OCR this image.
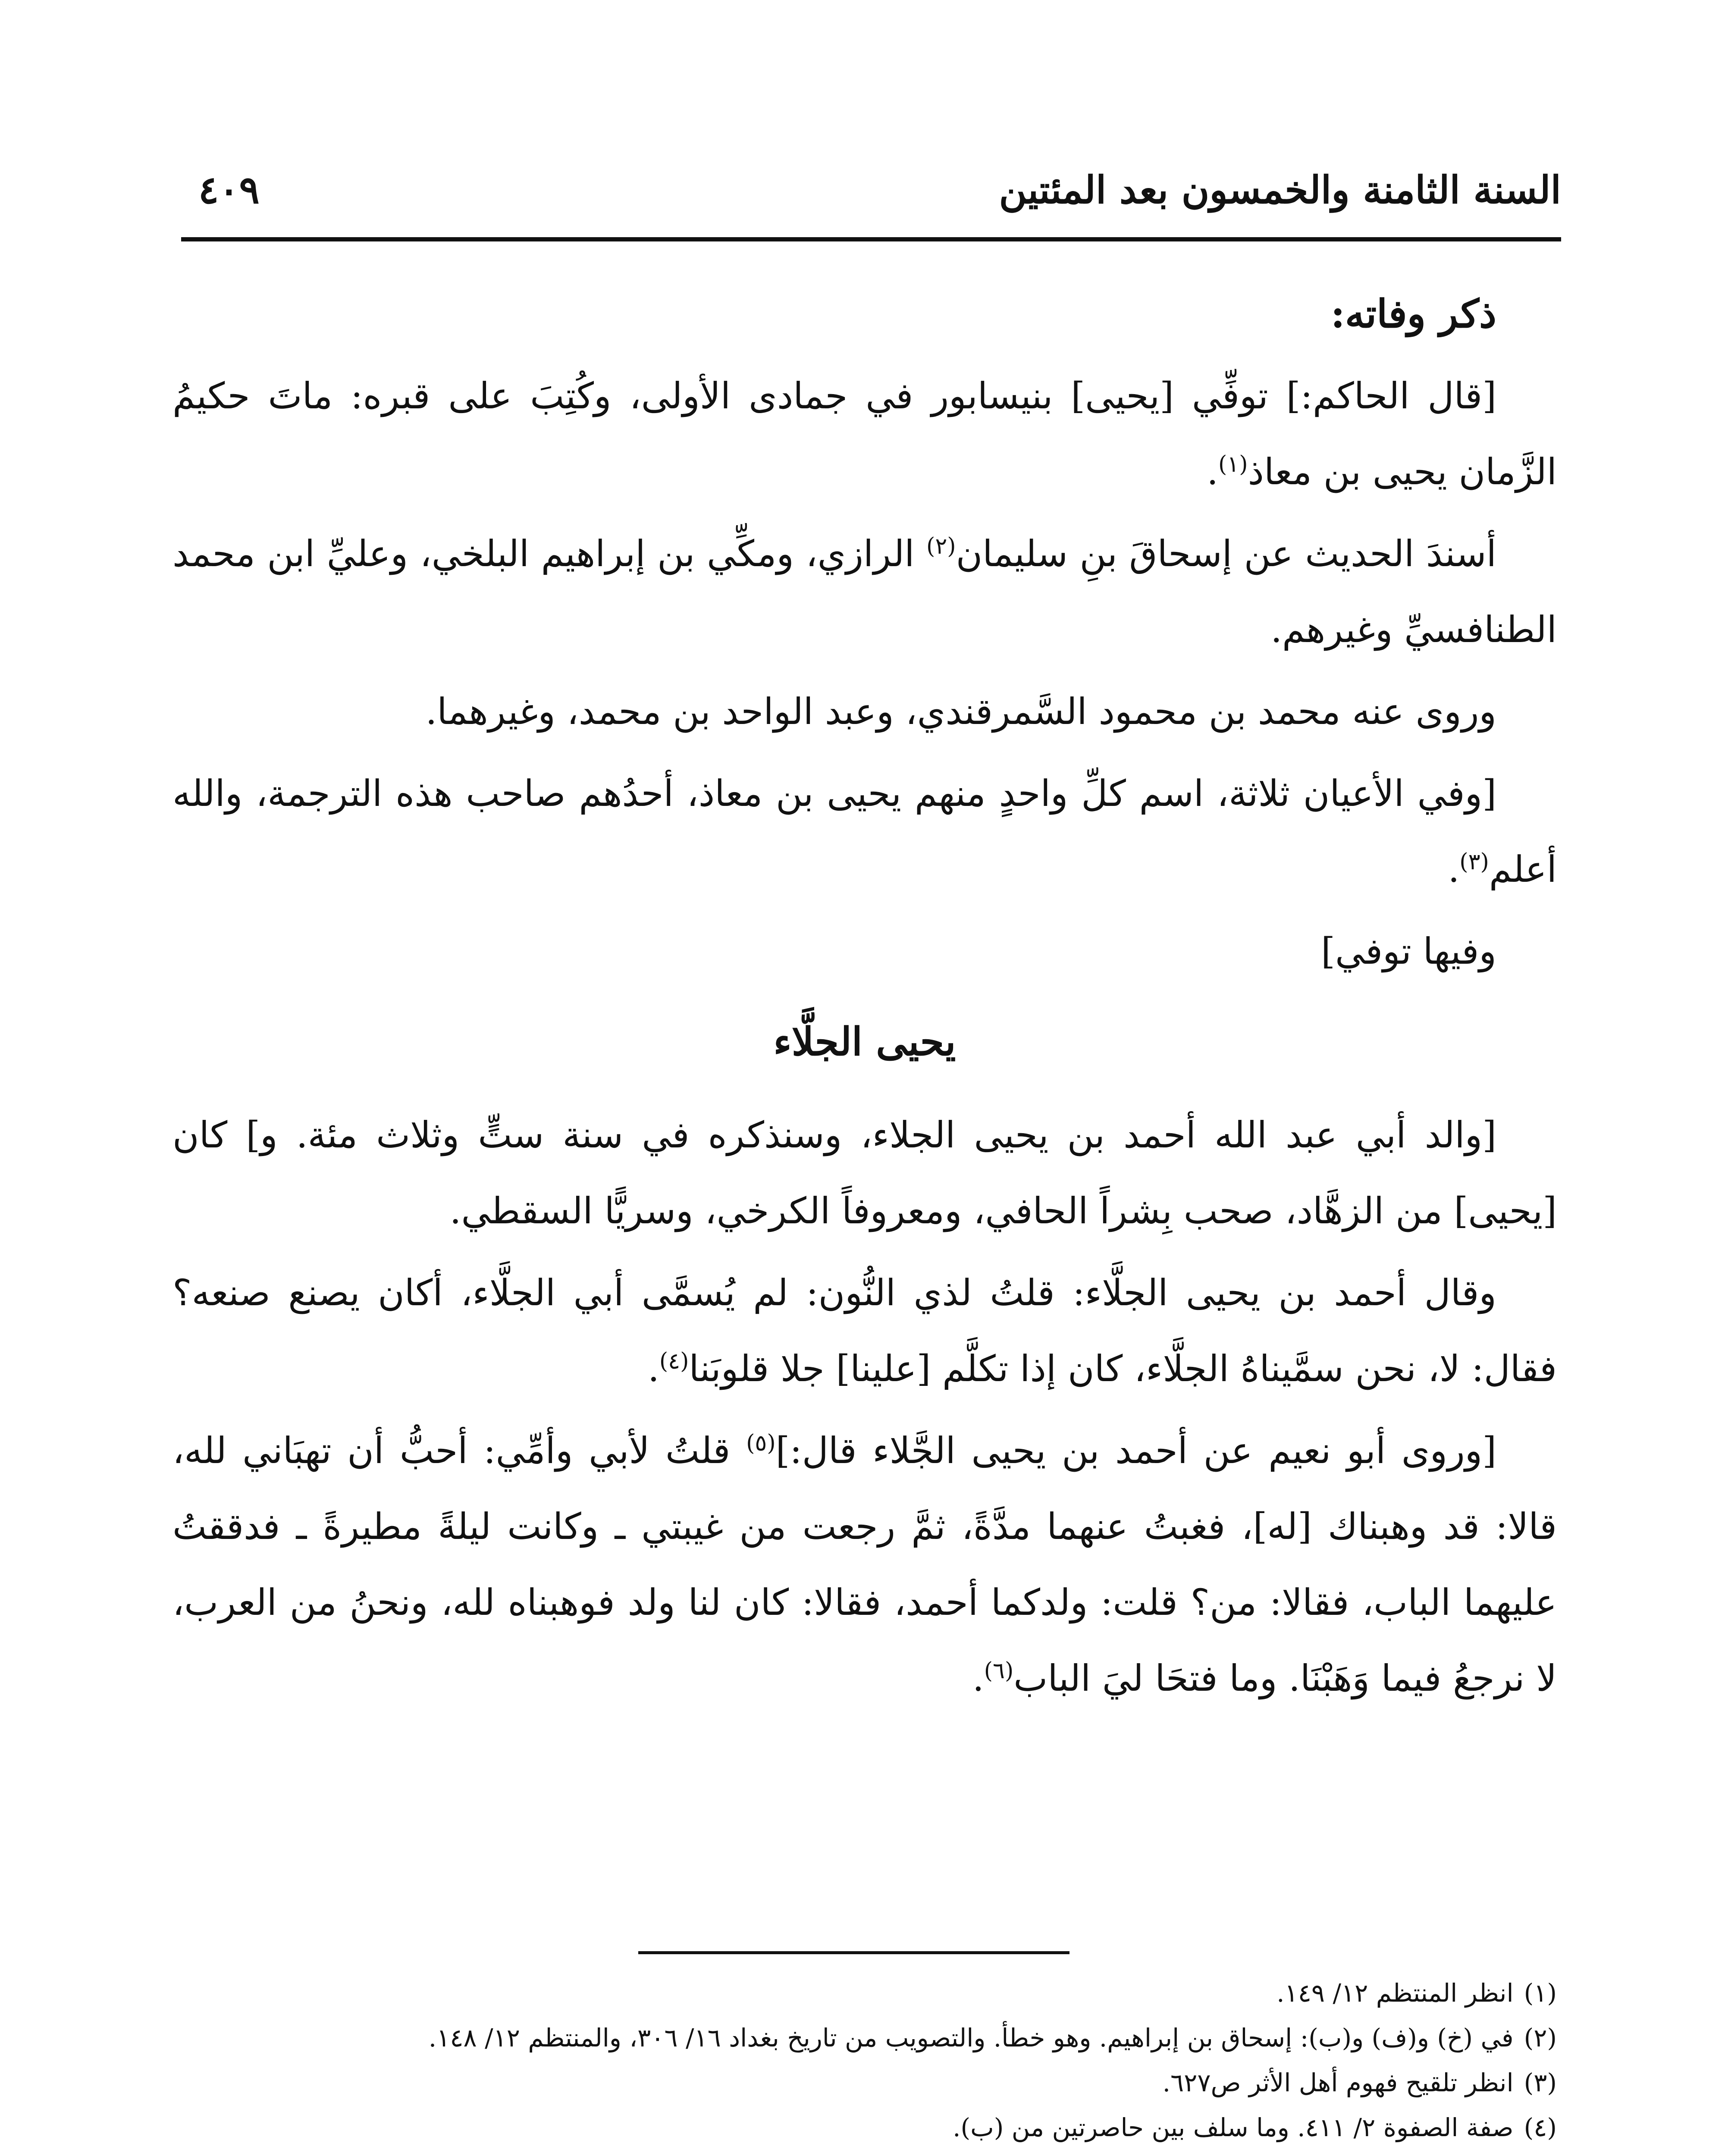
السنة الثامنة والخمسون بعد المئتين
٤٠٩

ذكر وفاته:

[قال الحاكم:] توفِّي [يحيى] بنيسابور في جمادى الأولى، وكُتِبَ على قبره: ماتَ حكيمُ الزَّمان يحيى بن معاذ$^{(١)}$.

أسندَ الحديث عن إسحاقَ بنِ سليمان$^{(٢)}$ الرازي، ومكِّي بن إبراهيم البلخي، وعليِّ ابن محمد الطنافسيِّ وغيرهم.

وروى عنه محمد بن محمود السَّمرقندي، وعبد الواحد بن محمد، وغيرهما.

[وفي الأعيان ثلاثة، اسم كلِّ واحدٍ منهم يحيى بن معاذ، أحدُهم صاحب هذه الترجمة، والله أعلم$^{(٣)}$.

وفيها توفي]

يحيى الجلَّاء

[والد أبي عبد الله أحمد بن يحيى الجلاء، وسنذكره في سنة ستٍّ وثلاث مئة. و] كان [يحيى] من الزهَّاد، صحب بِشراً الحافي، ومعروفاً الكرخي، وسريًّا السقطي.

وقال أحمد بن يحيى الجلَّاء: قلتُ لذي النُّون: لم يُسمَّى أبي الجلَّاء، أكان يصنع صنعه؟ فقال: لا، نحن سمَّيناهُ الجلَّاء، كان إذا تكلَّم [علينا] جلا قلوبَنا$^{(٤)}$.

[وروى أبو نعيم عن أحمد بن يحيى الجَّلاء قال:]$^{(٥)}$ قلتُ لأبي وأمِّي: أحبُّ أن تهبَاني لله، قالا: قد وهبناك [له]، فغبتُ عنهما مدَّةً، ثمَّ رجعت من غيبتي ـ وكانت ليلةً مطيرةً ـ فدققتُ عليهما الباب، فقالا: من؟ قلت: ولدكما أحمد، فقالا: كان لنا ولد فوهبناه لله، ونحنُ من العرب، لا نرجعُ فيما وَهَبْنَا. وما فتحَا ليَ الباب$^{(٦)}$.

(١)انظر المنتظم ١٢/ ١٤٩.

(٢)في (خ) و(ف) و(ب): إسحاق بن إبراهيم. وهو خطأ. والتصويب من تاريخ بغداد ١٦/ ٣٠٦، والمنتظم ١٢/ ١٤٨.

(٣)انظر تلقيح فهوم أهل الأثر ص٦٢٧.

(٤)صفة الصفوة ٢/ ٤١١. وما سلف بين حاصرتين من (ب).
